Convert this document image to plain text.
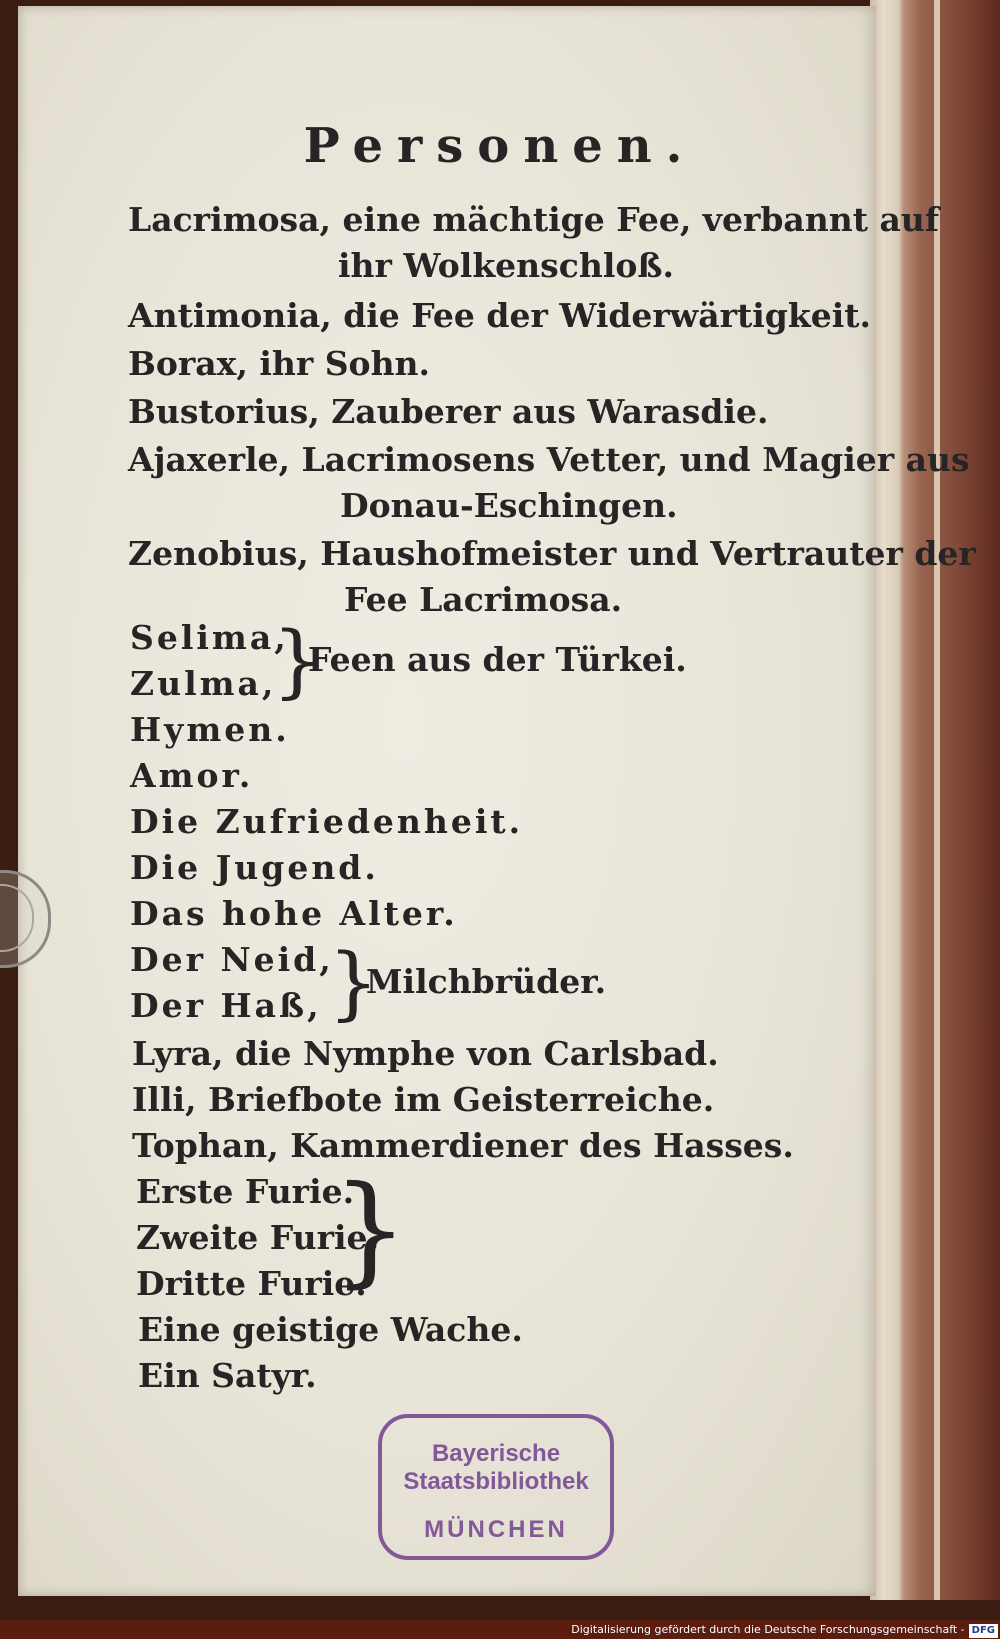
Personen.
Lacrimosa, eine mächtige Fee, verbannt auf
ihr Wolkenschloß.
Antimonia, die Fee der Widerwärtigkeit.
Borax, ihr Sohn.
Bustorius, Zauberer aus Warasdie.
Ajaxerle, Lacrimosens Vetter, und Magier aus
Donau-Eschingen.
Zenobius, Haushofmeister und Vertrauter der
Fee Lacrimosa.
Selima,
Zulma,
}
Feen aus der Türkei.
Hymen.
Amor.
Die Zufriedenheit.
Die Jugend.
Das hohe Alter.
Der Neid,
Der Haß, }
Milchbrüder.
Lyra, die Nymphe von Carlsbad.
Illi, Briefbote im Geisterreiche.
Tophan, Kammerdiener des Hasses.
Erste Furie.
Zweite Furie.
Dritte Furie.
}
Eine geistige Wache.
Ein Satyr.
Bayerische
Staatsbibliothek
MÜNCHEN
Digitalisierung gefördert durch die Deutsche Forschungsgemeinschaft - DFG
